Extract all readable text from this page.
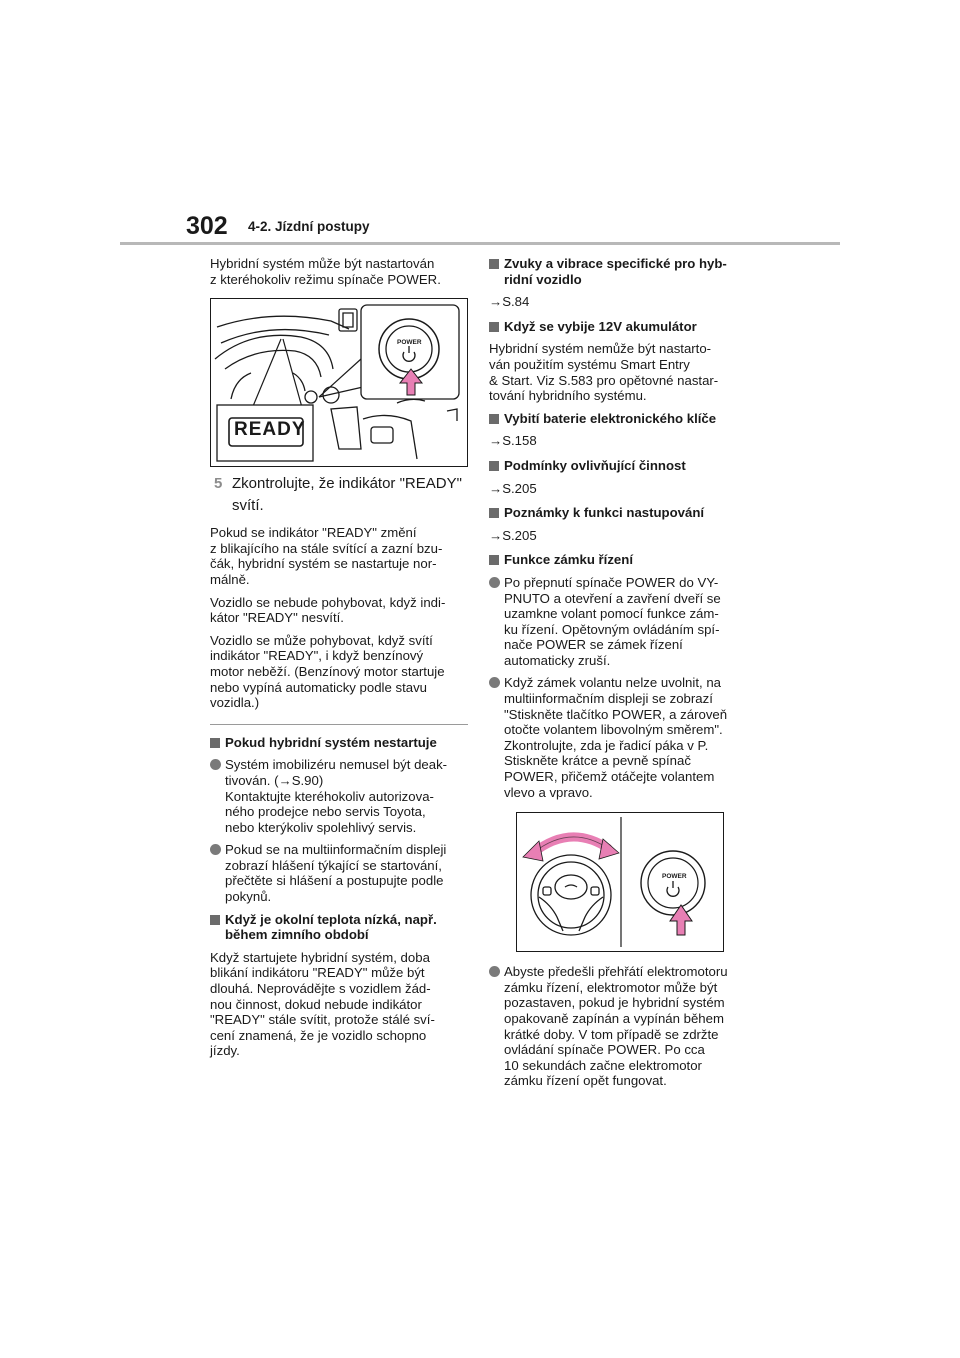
302 4-2. Jízdní postupy

Hybridní systém může být nastartován
z kteréhokoliv režimu spínače POWER.

READY
POWER
5 Zkontrolujte, že indikátor "READY"
svítí.

Pokud se indikátor "READY" změní
z blikajícího na stále svítící a zazní bzu-
čák, hybridní systém se nastartuje nor-
málně.

Vozidlo se nebude pohybovat, když indi-
kátor "READY" nesvítí.

Vozidlo se může pohybovat, když svítí
indikátor "READY", i když benzínový
motor neběží. (Benzínový motor startuje
nebo vypíná automaticky podle stavu
vozidla.)

Pokud hybridní systém nestartuje
Systém imobilizéru nemusel být deak-
tivován. (→S.90)
Kontaktujte kteréhokoliv autorizova-
ného prodejce nebo servis Toyota,
nebo kterýkoliv spolehlivý servis.
Pokud se na multiinformačním displeji
zobrazí hlášení týkající se startování,
přečtěte si hlášení a postupujte podle
pokynů.
Když je okolní teplota nízká, např.
během zimního období

Když startujete hybridní systém, doba
blikání indikátoru "READY" může být
dlouhá. Neprovádějte s vozidlem žád-
nou činnost, dokud nebude indikátor
"READY" stále svítit, protože stálé sví-
cení znamená, že je vozidlo schopno
jízdy.

Zvuky a vibrace specifické pro hyb-
ridní vozidlo

→S.84

Když se vybije 12V akumulátor

Hybridní systém nemůže být nastarto-
ván použitím systému Smart Entry
& Start. Viz S.583 pro opětovné nastar-
tování hybridního systému.

Vybití baterie elektronického klíče

→S.158

Podmínky ovlivňující činnost

→S.205

Poznámky k funkci nastupování

→S.205

Funkce zámku řízení
Po přepnutí spínače POWER do VY-
PNUTO a otevření a zavření dveří se
uzamkne volant pomocí funkce zám-
ku řízení. Opětovným ovládáním spí-
nače POWER se zámek řízení
automaticky zruší.
Když zámek volantu nelze uvolnit, na
multiinformačním displeji se zobrazí
"Stiskněte tlačítko POWER, a zároveň
otočte volantem libovolným směrem".
Zkontrolujte, zda je řadicí páka v P.
Stiskněte krátce a pevně spínač
POWER, přičemž otáčejte volantem
vlevo a vpravo.
POWER
Abyste předešli přehřátí elektromotoru
zámku řízení, elektromotor může být
pozastaven, pokud je hybridní systém
opakovaně zapínán a vypínán během
krátké doby. V tom případě se zdržte
ovládání spínače POWER. Po cca
10 sekundách začne elektromotor
zámku řízení opět fungovat.
